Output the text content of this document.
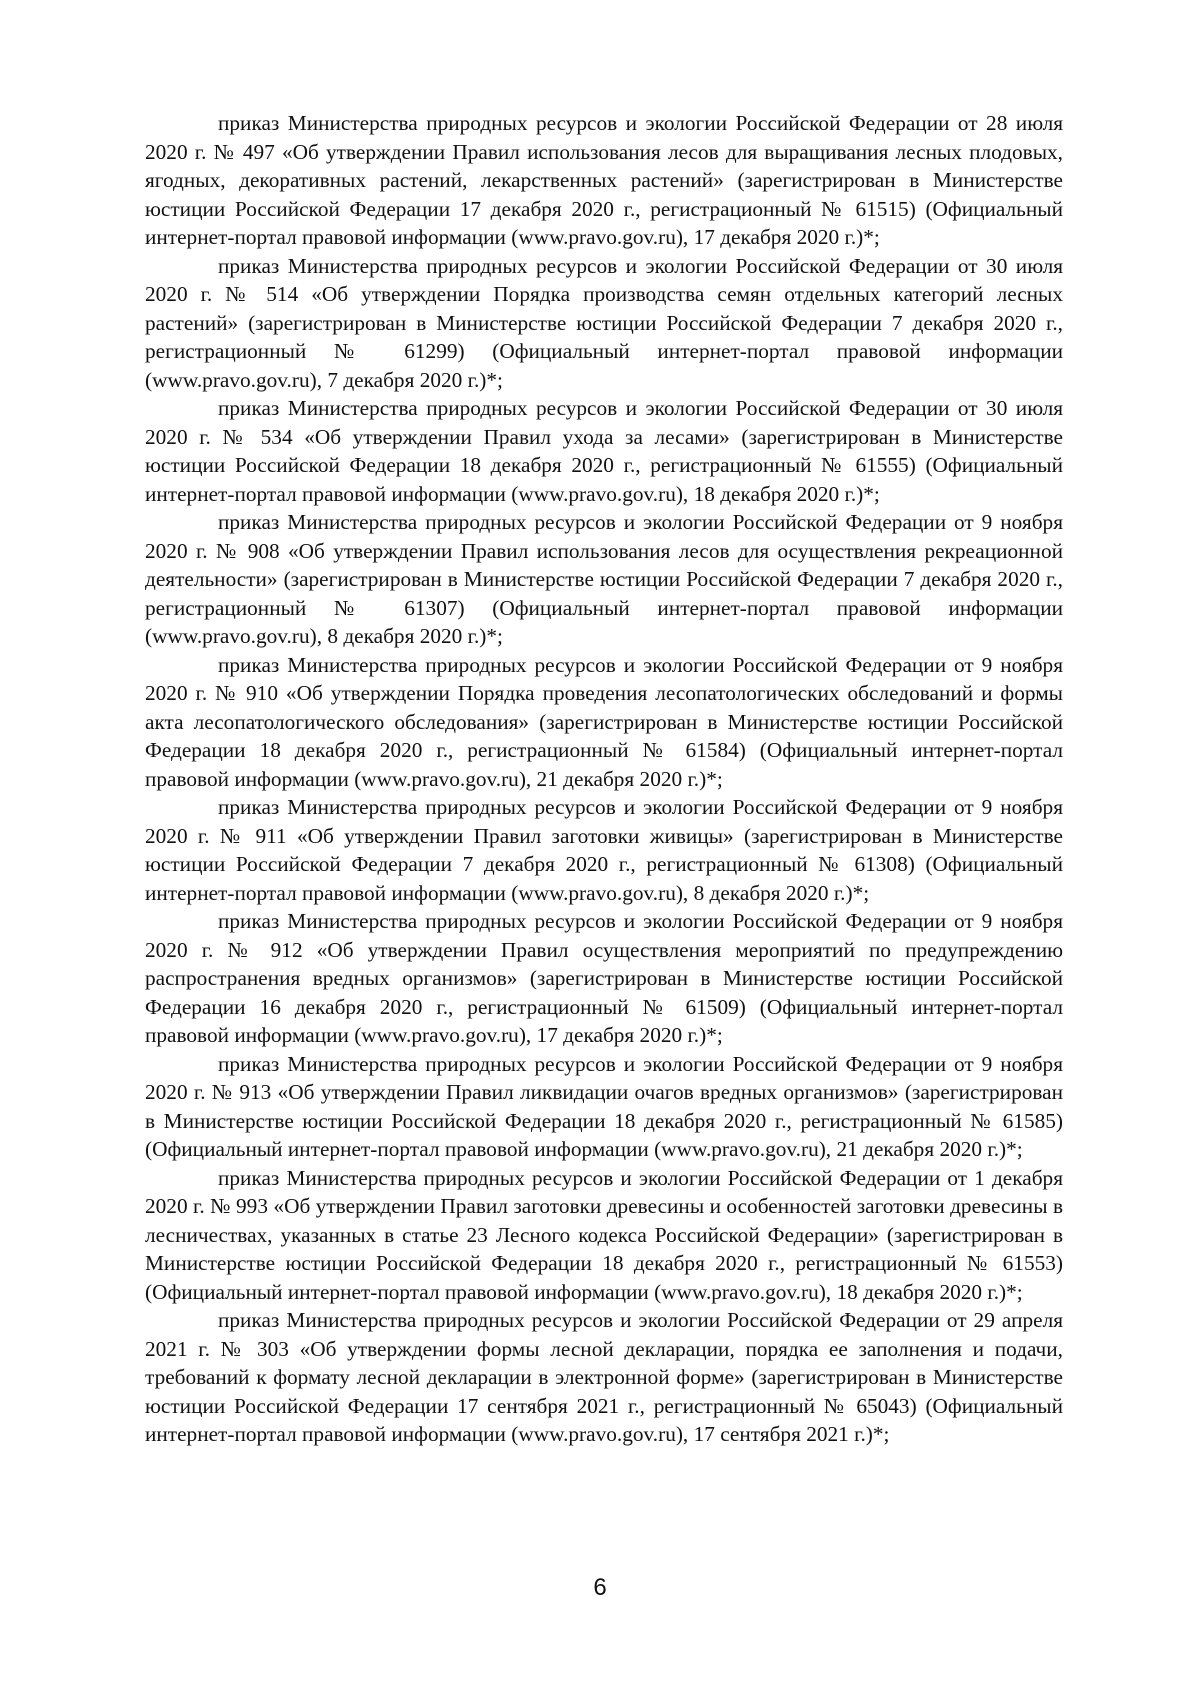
приказ Министерства природных ресурсов и экологии Российской Федерации от 28 июля 2020 г. № 497 «Об утверждении Правил использования лесов для выращивания лесных плодовых, ягодных, декоративных растений, лекарственных растений» (зарегистрирован в Министерстве юстиции Российской Федерации 17 декабря 2020 г., регистрационный № 61515) (Официальный интернет-портал правовой информации (www.pravo.gov.ru), 17 декабря 2020 г.)*;

приказ Министерства природных ресурсов и экологии Российской Федерации от 30 июля 2020 г. № 514 «Об утверждении Порядка производства семян отдельных категорий лесных растений» (зарегистрирован в Министерстве юстиции Российской Федерации 7 декабря 2020 г., регистрационный № 61299) (Официальный интернет-портал правовой информации (www.pravo.gov.ru), 7 декабря 2020 г.)*;

приказ Министерства природных ресурсов и экологии Российской Федерации от 30 июля 2020 г. № 534 «Об утверждении Правил ухода за лесами» (зарегистрирован в Министерстве юстиции Российской Федерации 18 декабря 2020 г., регистрационный № 61555) (Официальный интернет-портал правовой информации (www.pravo.gov.ru), 18 декабря 2020 г.)*;

приказ Министерства природных ресурсов и экологии Российской Федерации от 9 ноября 2020 г. № 908 «Об утверждении Правил использования лесов для осуществления рекреационной деятельности» (зарегистрирован в Министерстве юстиции Российской Федерации 7 декабря 2020 г., регистрационный № 61307) (Официальный интернет-портал правовой информации (www.pravo.gov.ru), 8 декабря 2020 г.)*;

приказ Министерства природных ресурсов и экологии Российской Федерации от 9 ноября 2020 г. № 910 «Об утверждении Порядка проведения лесопатологических обследований и формы акта лесопатологического обследования» (зарегистрирован в Министерстве юстиции Российской Федерации 18 декабря 2020 г., регистрационный № 61584) (Официальный интернет-портал правовой информации (www.pravo.gov.ru), 21 декабря 2020 г.)*;

приказ Министерства природных ресурсов и экологии Российской Федерации от 9 ноября 2020 г. № 911 «Об утверждении Правил заготовки живицы» (зарегистрирован в Министерстве юстиции Российской Федерации 7 декабря 2020 г., регистрационный № 61308) (Официальный интернет-портал правовой информации (www.pravo.gov.ru), 8 декабря 2020 г.)*;

приказ Министерства природных ресурсов и экологии Российской Федерации от 9 ноября 2020 г. № 912 «Об утверждении Правил осуществления мероприятий по предупреждению распространения вредных организмов» (зарегистрирован в Министерстве юстиции Российской Федерации 16 декабря 2020 г., регистрационный № 61509) (Официальный интернет-портал правовой информации (www.pravo.gov.ru), 17 декабря 2020 г.)*;

приказ Министерства природных ресурсов и экологии Российской Федерации от 9 ноября 2020 г. № 913 «Об утверждении Правил ликвидации очагов вредных организмов» (зарегистрирован в Министерстве юстиции Российской Федерации 18 декабря 2020 г., регистрационный № 61585) (Официальный интернет-портал правовой информации (www.pravo.gov.ru), 21 декабря 2020 г.)*;

приказ Министерства природных ресурсов и экологии Российской Федерации от 1 декабря 2020 г. № 993 «Об утверждении Правил заготовки древесины и особенностей заготовки древесины в лесничествах, указанных в статье 23 Лесного кодекса Российской Федерации» (зарегистрирован в Министерстве юстиции Российской Федерации 18 декабря 2020 г., регистрационный № 61553) (Официальный интернет-портал правовой информации (www.pravo.gov.ru), 18 декабря 2020 г.)*;

приказ Министерства природных ресурсов и экологии Российской Федерации от 29 апреля 2021 г. № 303 «Об утверждении формы лесной декларации, порядка ее заполнения и подачи, требований к формату лесной декларации в электронной форме» (зарегистрирован в Министерстве юстиции Российской Федерации 17 сентября 2021 г., регистрационный № 65043) (Официальный интернет-портал правовой информации (www.pravo.gov.ru), 17 сентября 2021 г.)*;

6
